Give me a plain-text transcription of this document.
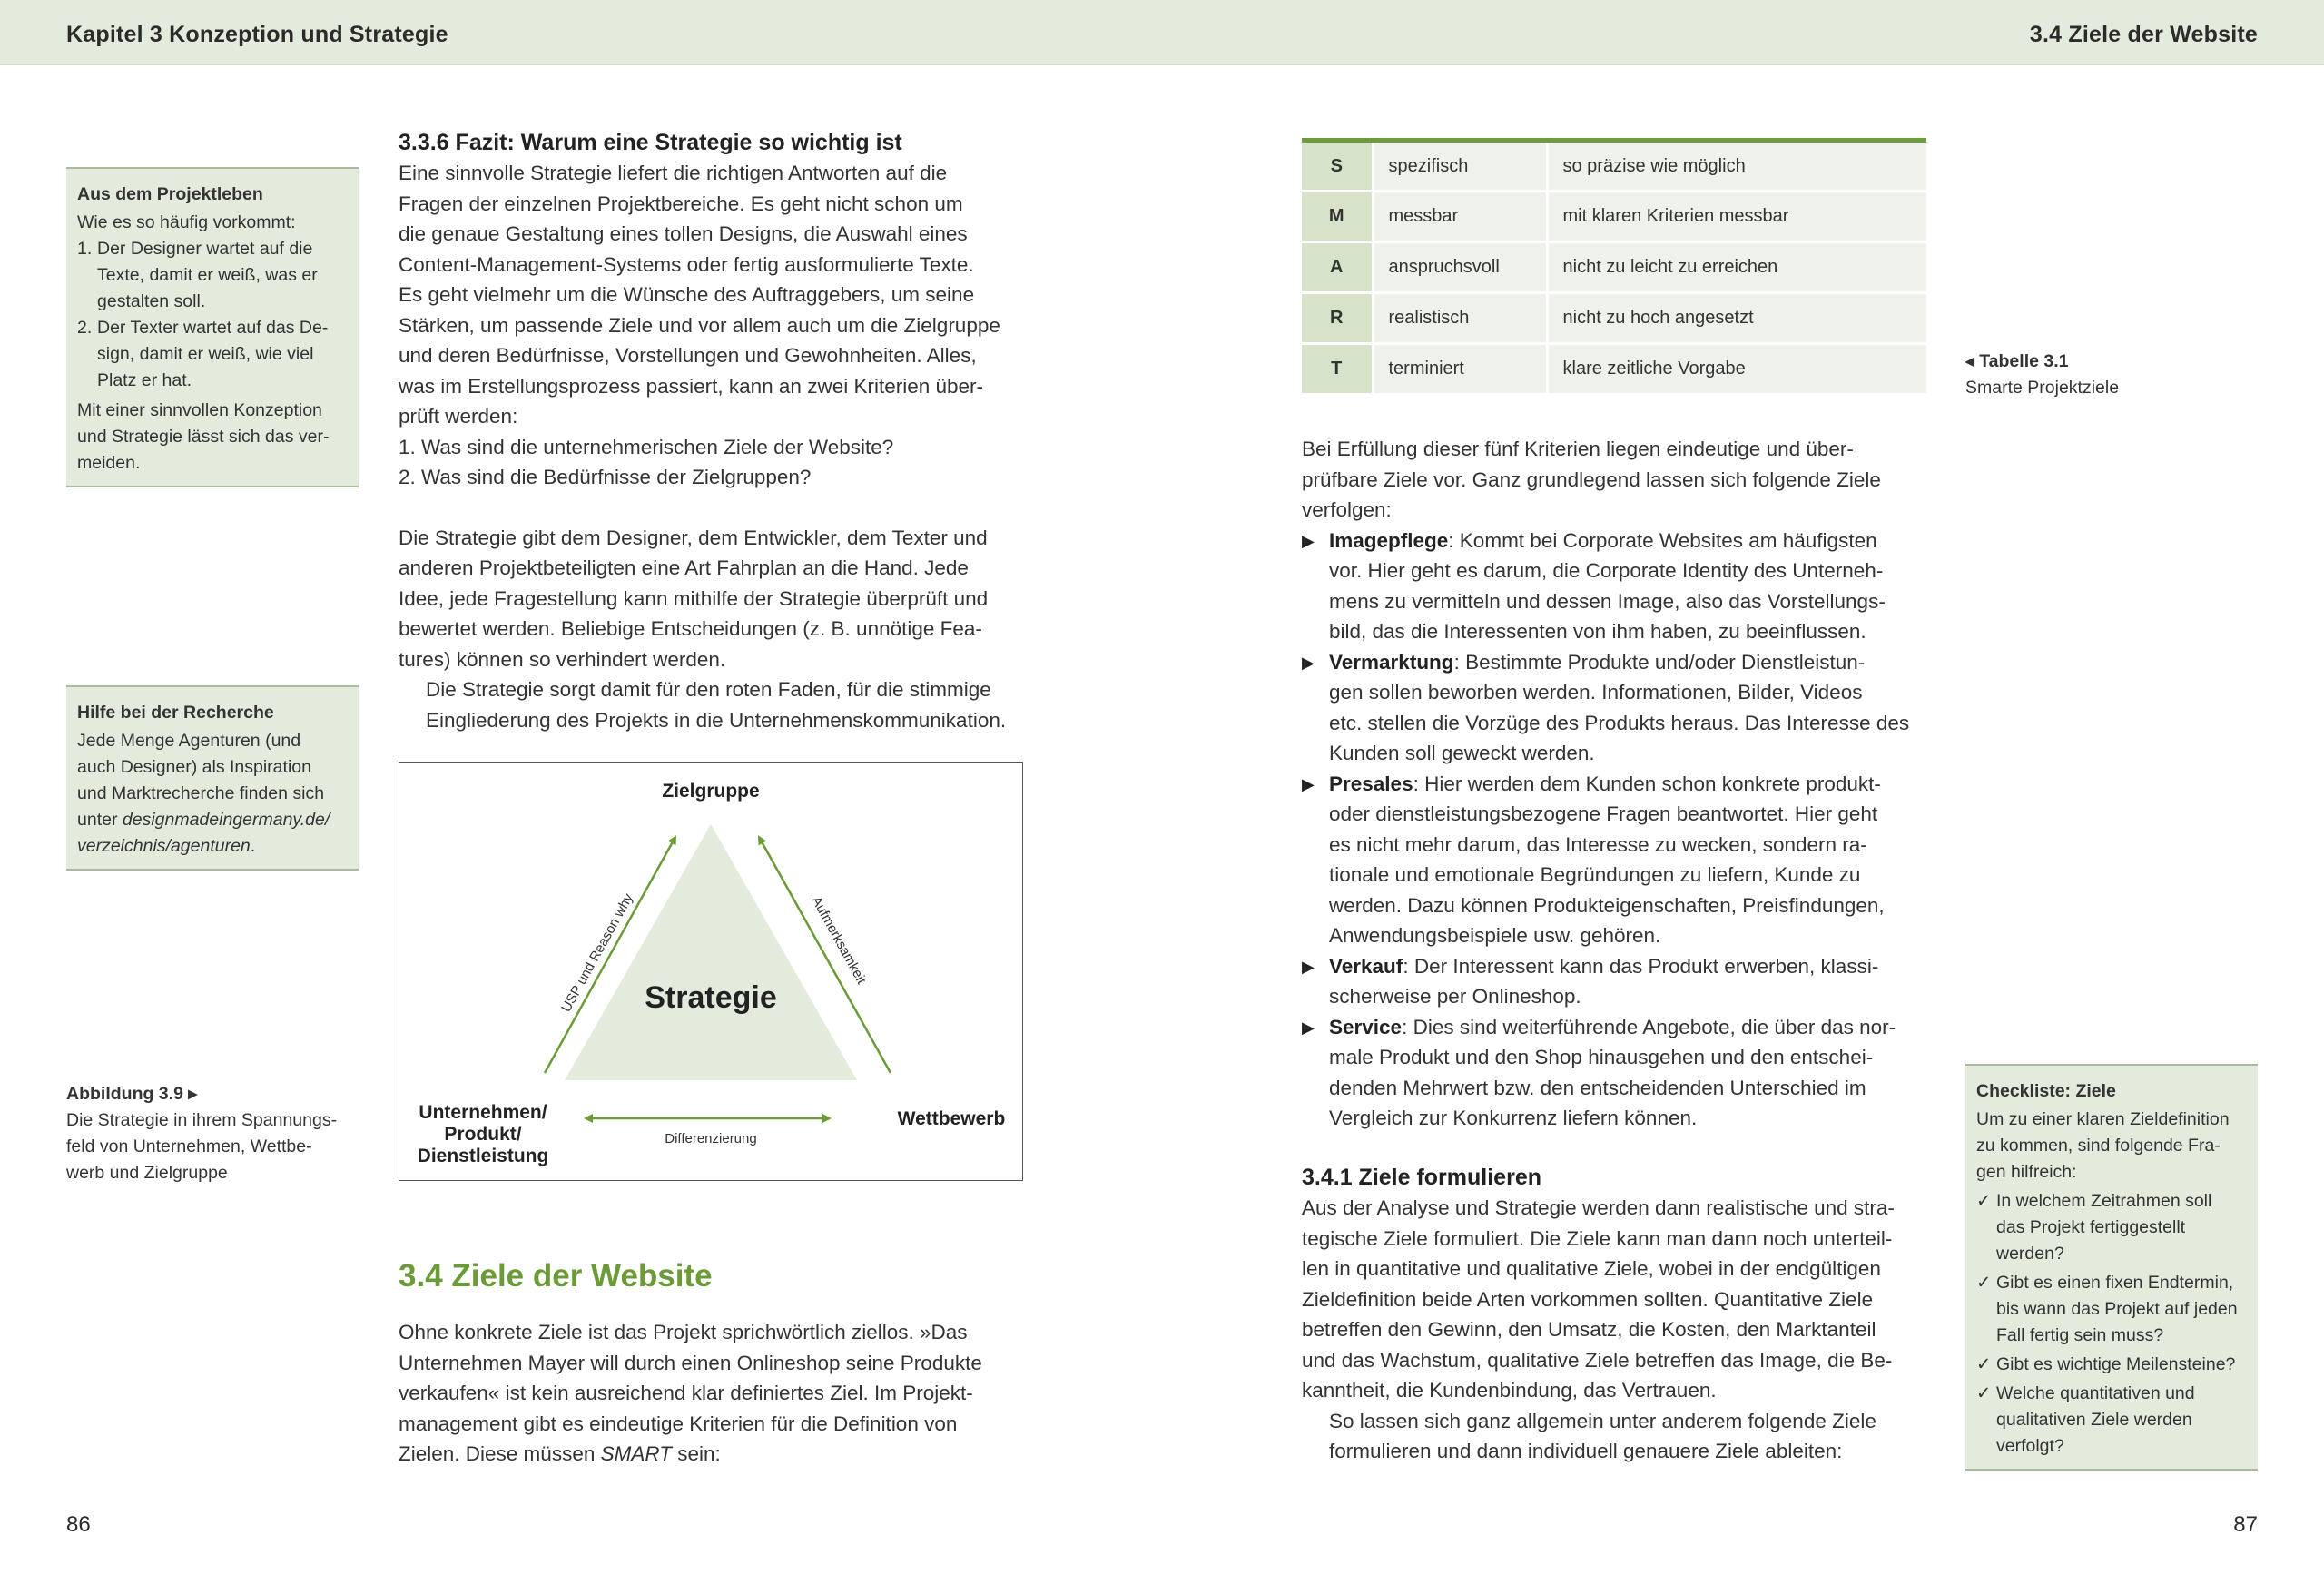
Kapitel 3 Konzeption und Strategie
Aus dem Projektleben
Wie es so häufig vorkommt:
1. Der Designer wartet auf die
Texte, damit er weiß, was er
gestalten soll.
2. Der Texter wartet auf das De-
sign, damit er weiß, wie viel
Platz er hat.
Mit einer sinnvollen Konzeption
und Strategie lässt sich das ver-
meiden.
Hilfe bei der Recherche
Jede Menge Agenturen (und
auch Designer) als Inspiration
und Marktrecherche finden sich
unter designmadeingermany.de/
verzeichnis/agenturen.
Abbildung 3.9 ▸
Die Strategie in ihrem Spannungs-
feld von Unternehmen, Wettbe-
werb und Zielgruppe
3.3.6 Fazit: Warum eine Strategie so wichtig ist
Eine sinnvolle Strategie liefert die richtigen Antworten auf die
Fragen der einzelnen Projektbereiche. Es geht nicht schon um
die genaue Gestaltung eines tollen Designs, die Auswahl eines
Content-Management-Systems oder fertig ausformulierte Texte.
Es geht vielmehr um die Wünsche des Auftraggebers, um seine
Stärken, um passende Ziele und vor allem auch um die Zielgruppe
und deren Bedürfnisse, Vorstellungen und Gewohnheiten. Alles,
was im Erstellungsprozess passiert, kann an zwei Kriterien über-
prüft werden:
1. Was sind die unternehmerischen Ziele der Website?
2. Was sind die Bedürfnisse der Zielgruppen?
Die Strategie gibt dem Designer, dem Entwickler, dem Texter und
anderen Projektbeteiligten eine Art Fahrplan an die Hand. Jede
Idee, jede Fragestellung kann mithilfe der Strategie überprüft und
bewertet werden. Beliebige Entscheidungen (z. B. unnötige Fea-
tures) können so verhindert werden.
Die Strategie sorgt damit für den roten Faden, für die stimmige
Eingliederung des Projekts in die Unternehmenskommunikation.
Zielgruppe
Strategie
Unternehmen/
Produkt/
Dienstleistung
Wettbewerb
Differenzierung
USP und Reason why	Aufmerksamkeit
3.4 Ziele der Website
Ohne konkrete Ziele ist das Projekt sprichwörtlich ziellos. »Das
Unternehmen Mayer will durch einen Onlineshop seine Produkte
verkaufen« ist kein ausreichend klar definiertes Ziel. Im Projekt-
management gibt es eindeutige Kriterien für die Definition von
Zielen. Diese müssen SMART sein:
86
3.4 Ziele der Website
S	spezifisch	so präzise wie möglich
M	messbar	mit klaren Kriterien messbar
A	anspruchsvoll	nicht zu leicht zu erreichen
R	realistisch	nicht zu hoch angesetzt
T	terminiert	klare zeitliche Vorgabe	◂ Tabelle 3.1
Smarte Projektziele
Bei Erfüllung dieser fünf Kriterien liegen eindeutige und über-
prüfbare Ziele vor. Ganz grundlegend lassen sich folgende Ziele
verfolgen:
▶ Imagepflege: Kommt bei Corporate Websites am häufigsten
vor. Hier geht es darum, die Corporate Identity des Unterneh-
mens zu vermitteln und dessen Image, also das Vorstellungs-
bild, das die Interessenten von ihm haben, zu beeinflussen.
▶ Vermarktung: Bestimmte Produkte und/oder Dienstleistun-
gen sollen beworben werden. Informationen, Bilder, Videos
etc. stellen die Vorzüge des Produkts heraus. Das Interesse des
Kunden soll geweckt werden.
▶ Presales: Hier werden dem Kunden schon konkrete produkt-
oder dienstleistungsbezogene Fragen beantwortet. Hier geht
es nicht mehr darum, das Interesse zu wecken, sondern ra-
tionale und emotionale Begründungen zu liefern, Kunde zu
werden. Dazu können Produkteigenschaften, Preisfindungen,
Anwendungsbeispiele usw. gehören.
▶ Verkauf: Der Interessent kann das Produkt erwerben, klassi-
scherweise per Onlineshop.
▶ Service: Dies sind weiterführende Angebote, die über das nor-
male Produkt und den Shop hinausgehen und den entschei-
denden Mehrwert bzw. den entscheidenden Unterschied im
Vergleich zur Konkurrenz liefern können.
3.4.1 Ziele formulieren
Aus der Analyse und Strategie werden dann realistische und stra-
tegische Ziele formuliert. Die Ziele kann man dann noch unterteil-
len in quantitative und qualitative Ziele, wobei in der endgültigen
Zieldefinition beide Arten vorkommen sollten. Quantitative Ziele
betreffen den Gewinn, den Umsatz, die Kosten, den Marktanteil
und das Wachstum, qualitative Ziele betreffen das Image, die Be-
kanntheit, die Kundenbindung, das Vertrauen.
So lassen sich ganz allgemein unter anderem folgende Ziele
formulieren und dann individuell genauere Ziele ableiten:
Checkliste: Ziele
Um zu einer klaren Zieldefinition
zu kommen, sind folgende Fra-
gen hilfreich:
✓ In welchem Zeitrahmen soll
das Projekt fertiggestellt
werden?
✓ Gibt es einen fixen Endtermin,
bis wann das Projekt auf jeden
Fall fertig sein muss?
✓ Gibt es wichtige Meilensteine?
✓ Welche quantitativen und
qualitativen Ziele werden
verfolgt?
87
